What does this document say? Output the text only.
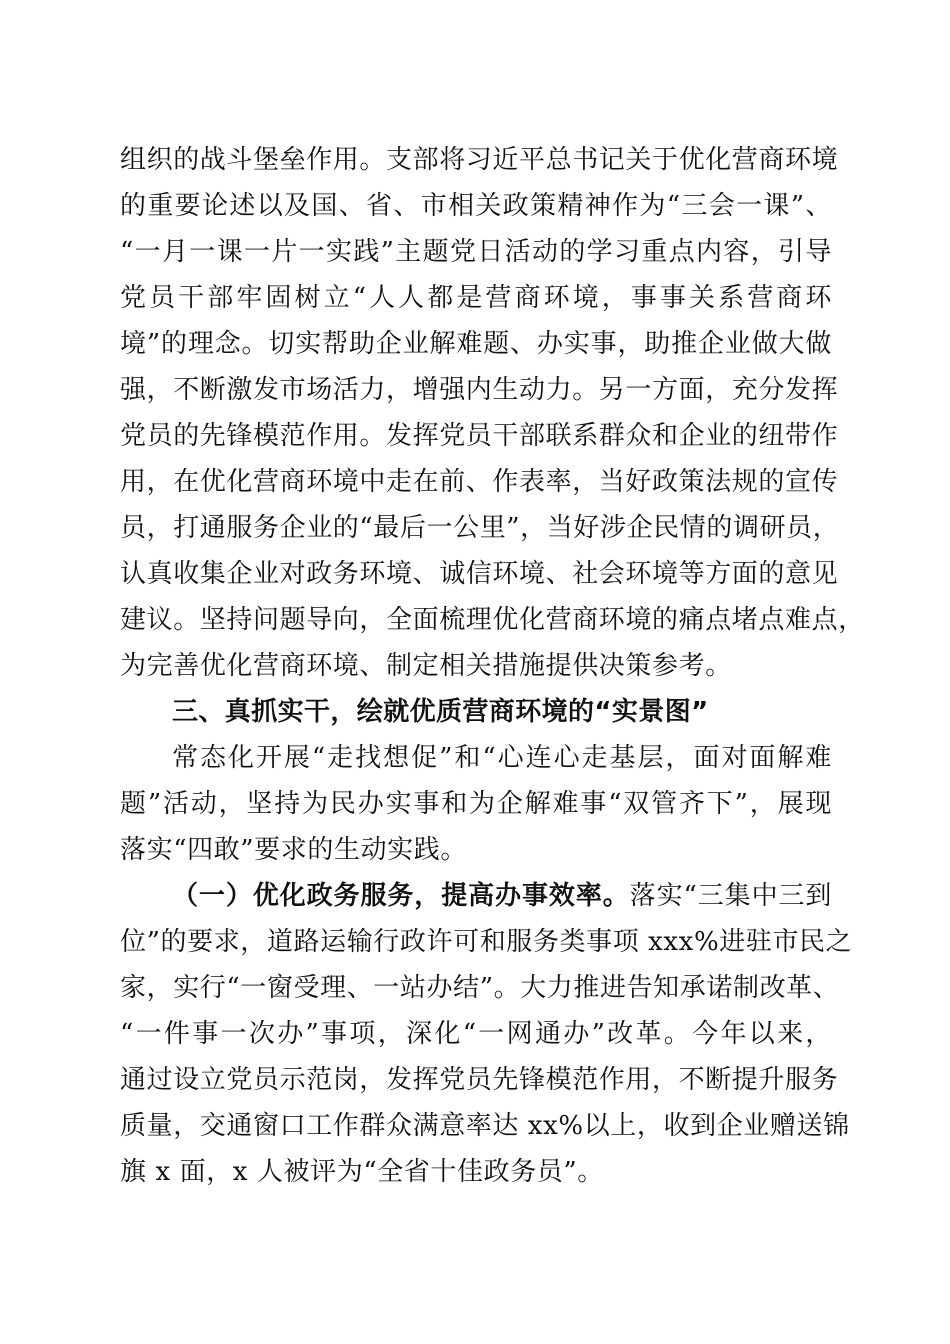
组织的战斗堡垒作用。支部将习近平总书记关于优化营商环境
的重要论述以及国、省、市相关政策精神作为“三会一课”、
“一月一课一片一实践”主题党日活动的学习重点内容，引导
党员干部牢固树立“人人都是营商环境，事事关系营商环
境”的理念。切实帮助企业解难题、办实事，助推企业做大做
强，不断激发市场活力，增强内生动力。另一方面，充分发挥
党员的先锋模范作用。发挥党员干部联系群众和企业的纽带作
用，在优化营商环境中走在前、作表率，当好政策法规的宣传
员，打通服务企业的“最后一公里”，当好涉企民情的调研员，
认真收集企业对政务环境、诚信环境、社会环境等方面的意见
建议。坚持问题导向，全面梳理优化营商环境的痛点堵点难点，
为完善优化营商环境、制定相关措施提供决策参考。
三、真抓实干，绘就优质营商环境的“实景图”
常态化开展“走找想促”和“心连心走基层，面对面解难
题”活动，坚持为民办实事和为企解难事“双管齐下”，展现
落实“四敢”要求的生动实践。
（一）优化政务服务，提高办事效率。落实“三集中三到
位”的要求，道路运输行政许可和服务类事项 xxx%进驻市民之
家，实行“一窗受理、一站办结”。大力推进告知承诺制改革、
“一件事一次办”事项，深化“一网通办”改革。今年以来，
通过设立党员示范岗，发挥党员先锋模范作用，不断提升服务
质量，交通窗口工作群众满意率达 xx%以上，收到企业赠送锦
旗 x 面，x 人被评为“全省十佳政务员”。
